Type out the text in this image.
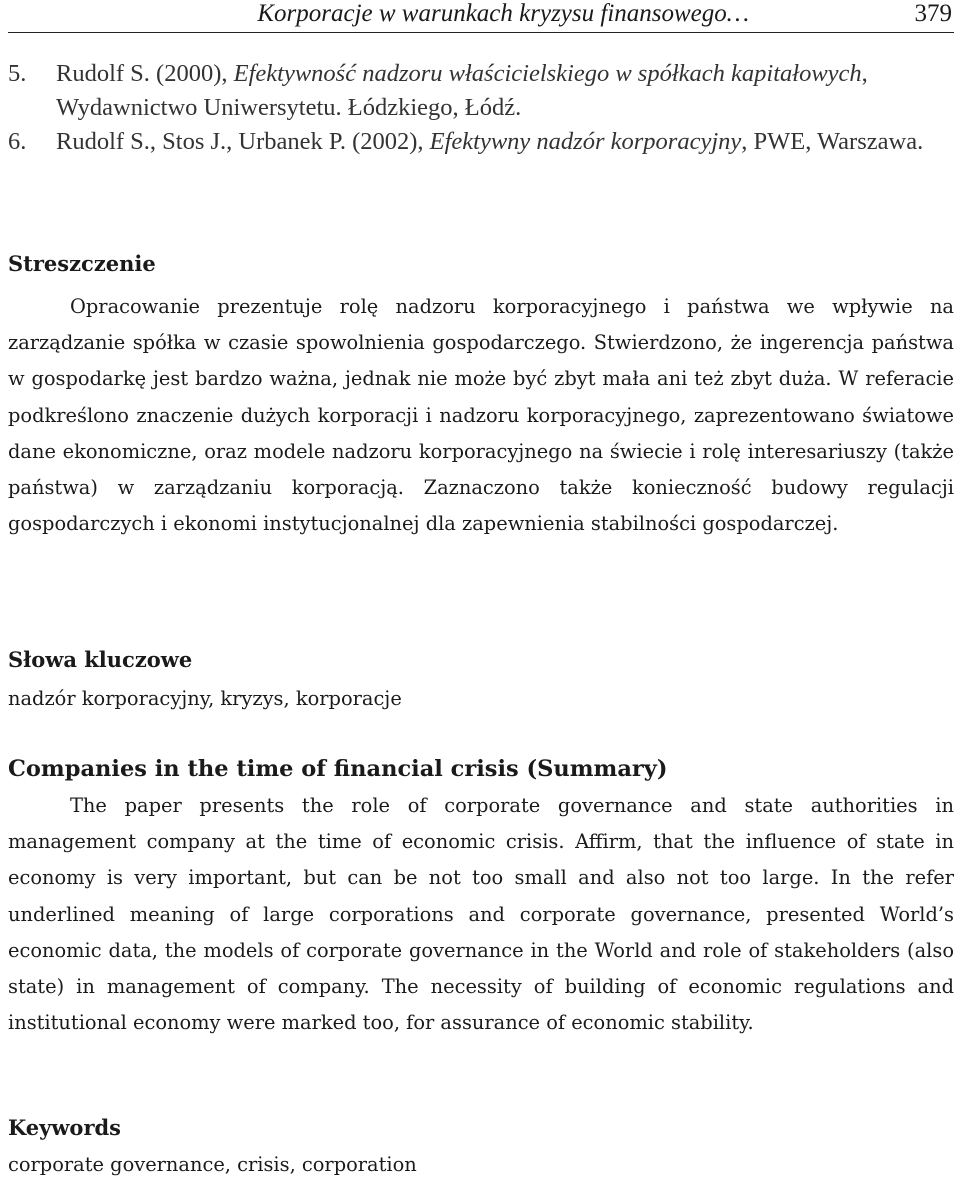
Korporacje w warunkach kryzysu finansowego…	379
5. Rudolf S. (2000), Efektywność nadzoru właścicielskiego w spółkach kapitałowych, Wydawnictwo Uniwersytetu. Łódzkiego, Łódź.
6. Rudolf S., Stos J., Urbanek P. (2002), Efektywny nadzór korporacyjny, PWE, Warszawa.
Streszczenie

Opracowanie prezentuje rolę nadzoru korporacyjnego i państwa we wpływie na zarządzanie spółka w czasie spowolnienia gospodarczego. Stwierdzono, że ingerencja państwa w gospodarkę jest bardzo ważna, jednak nie może być zbyt mała ani też zbyt duża. W referacie podkreślono znaczenie dużych korporacji i nadzoru korporacyjnego, zaprezentowano światowe dane ekonomiczne, oraz modele nadzoru korporacyjnego na świecie i rolę interesariuszy (także państwa) w zarządzaniu korporacją. Zaznaczono także konieczność budowy regulacji gospodarczych i ekonomi instytucjonalnej dla zapewnienia stabilności gospodarczej.

Słowa kluczowe

nadzór korporacyjny, kryzys, korporacje

Companies in the time of financial crisis (Summary)

The paper presents the role of corporate governance and state authorities in management company at the time of economic crisis. Affirm, that the influence of state in economy is very important, but can be not too small and also not too large. In the refer underlined meaning of large corporations and corporate governance, presented World’s economic data, the models of corporate governance in the World and role of stakeholders (also state) in management of company. The necessity of building of economic regulations and institutional economy were marked too, for assurance of economic stability.

Keywords

corporate governance, crisis, corporation
